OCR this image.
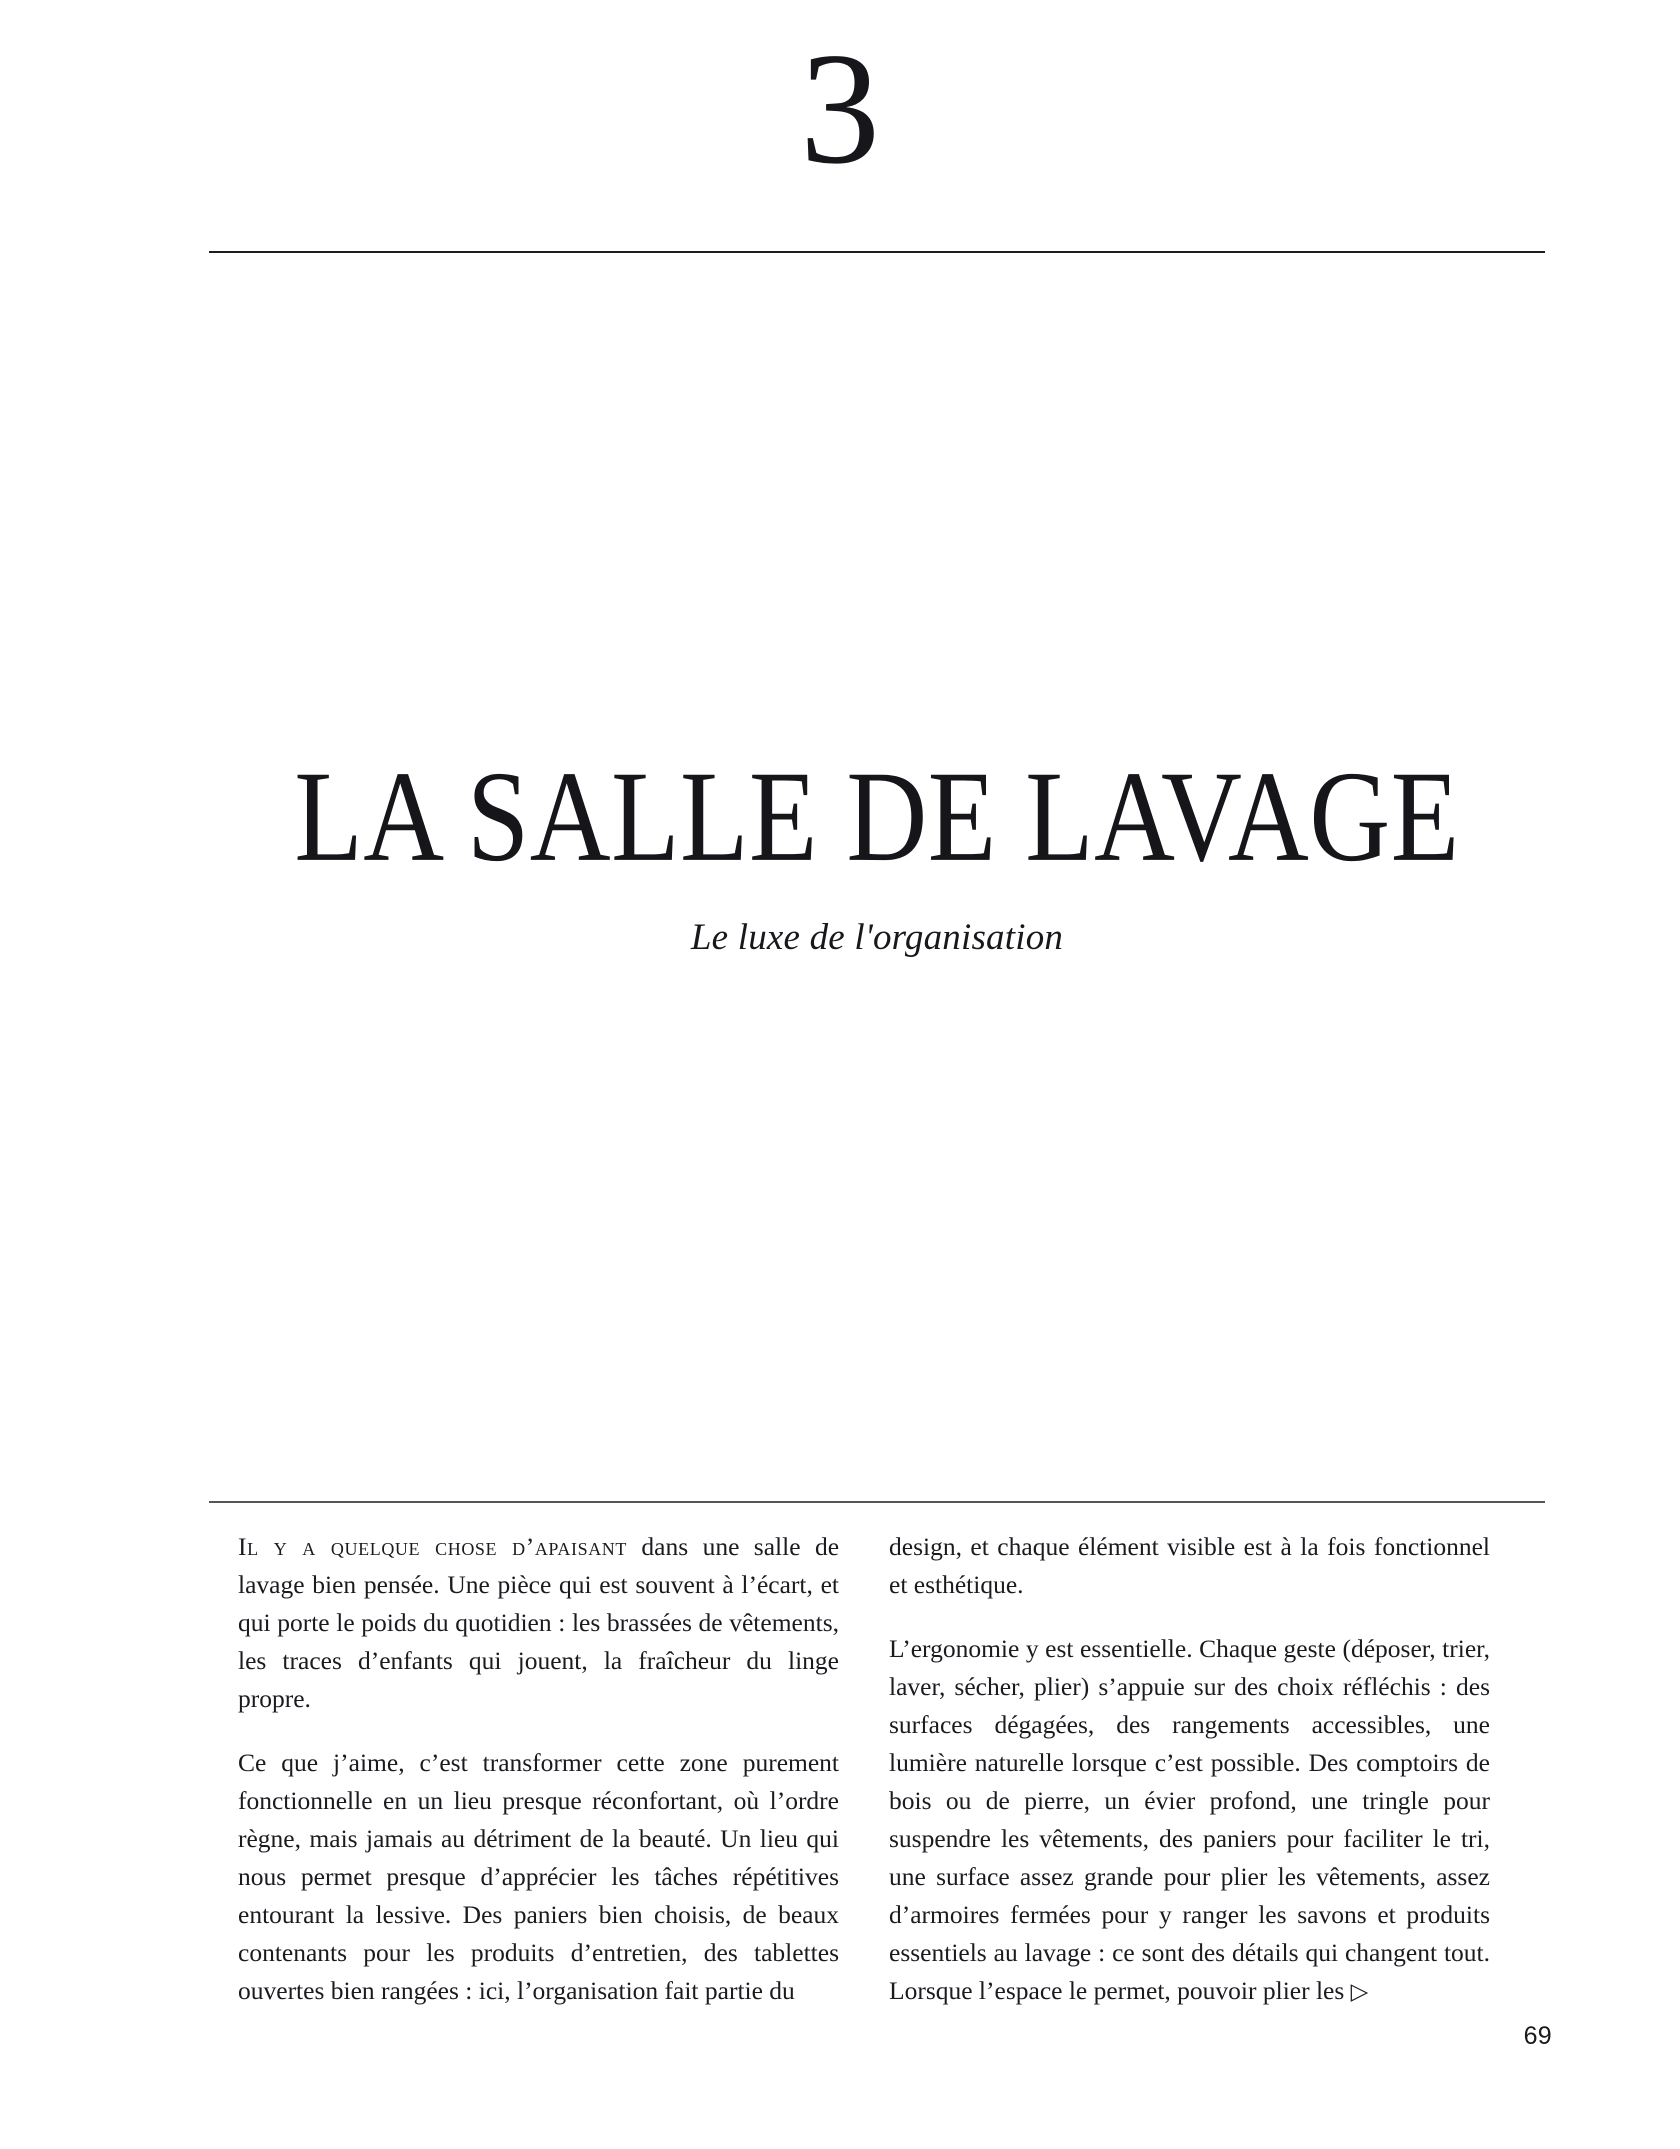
3
LA SALLE DE LAVAGE
Le luxe de l'organisation

Il y a quelque chose d’apaisant dans une salle de lavage bien pensée. Une pièce qui est souvent à l’écart, et qui porte le poids du quotidien : les brassées de vêtements, les traces d’enfants qui jouent, la fraîcheur du linge propre.

Ce que j’aime, c’est transformer cette zone purement fonctionnelle en un lieu presque réconfortant, où l’ordre règne, mais jamais au détriment de la beauté. Un lieu qui nous permet presque d’apprécier les tâches répétitives entourant la lessive. Des paniers bien choisis, de beaux contenants pour les produits d’entretien, des tablettes ouvertes bien rangées : ici, l’organisation fait partie du

design, et chaque élément visible est à la fois fonctionnel et esthétique.

L’ergonomie y est essentielle. Chaque geste (déposer, trier, laver, sécher, plier) s’appuie sur des choix réfléchis : des surfaces dégagées, des rangements accessibles, une lumière naturelle lorsque c’est possible. Des comptoirs de bois ou de pierre, un évier profond, une tringle pour suspendre les vêtements, des paniers pour faciliter le tri, une surface assez grande pour plier les vêtements, assez d’armoires fermées pour y ranger les savons et produits essentiels au lavage : ce sont des détails qui changent tout. Lorsque l’espace le permet, pouvoir plier les ▷

69
